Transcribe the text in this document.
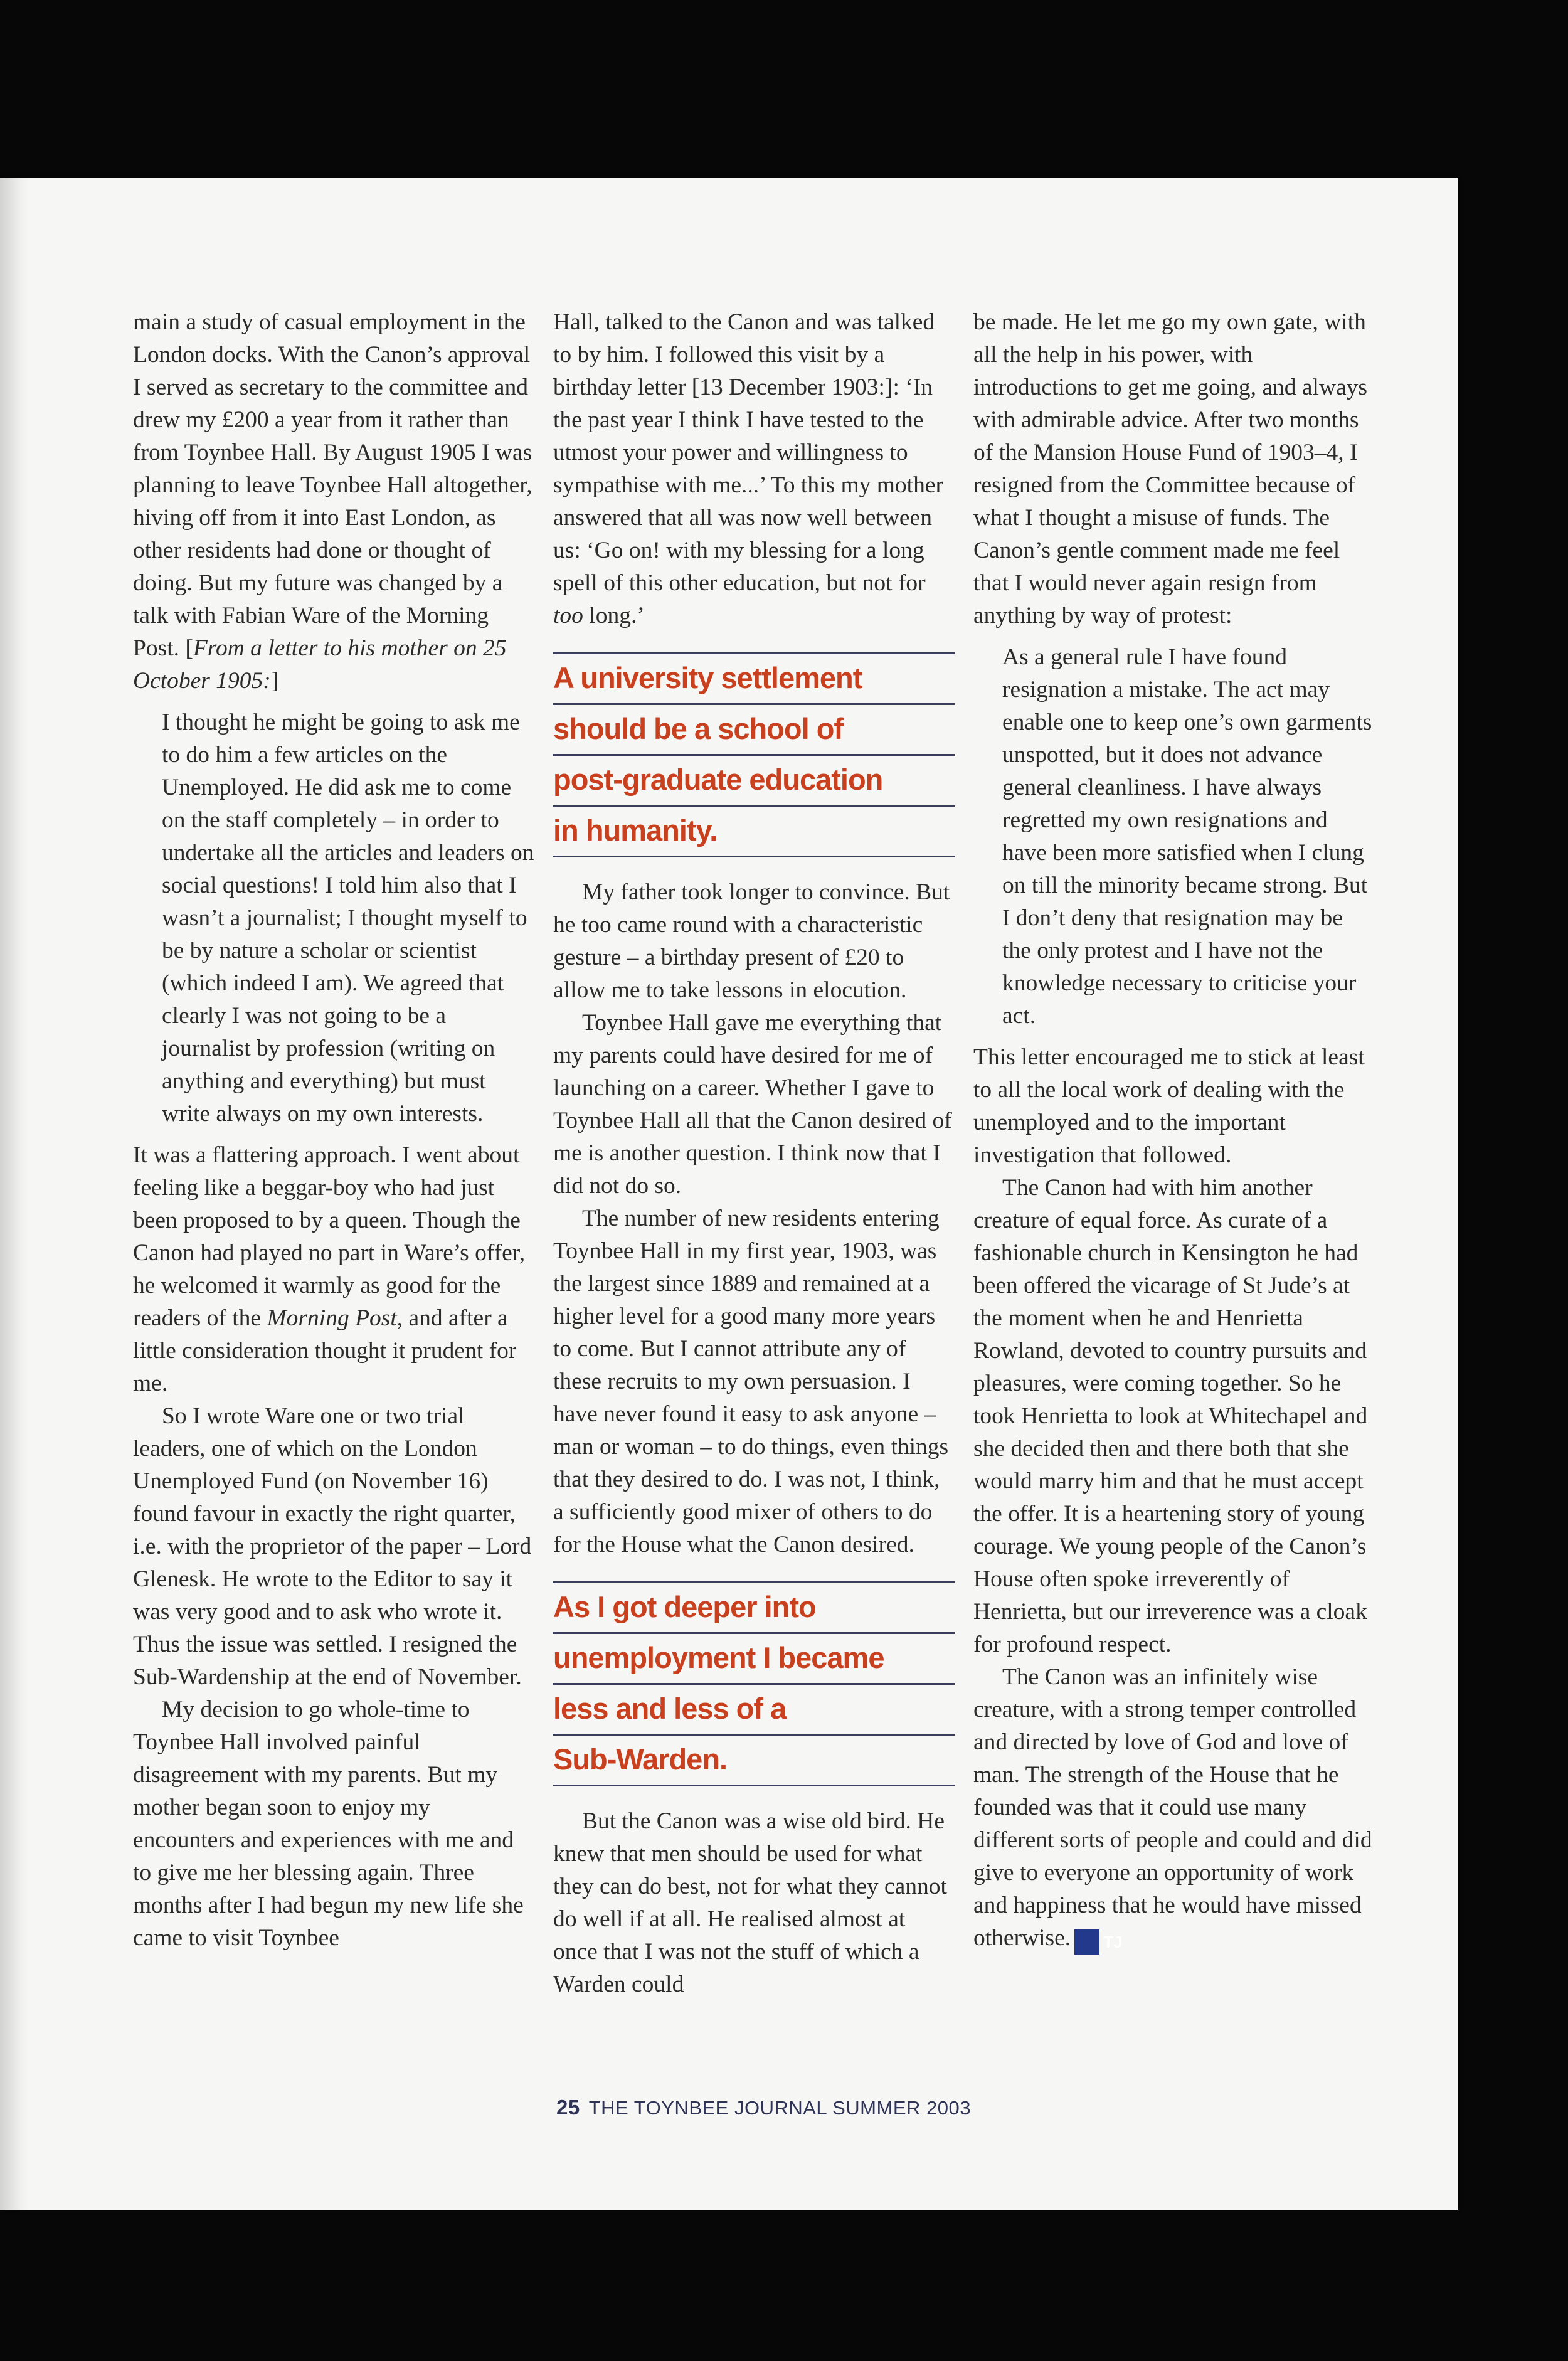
main a study of casual employment in the London docks. With the Canon’s approval I served as secretary to the committee and drew my £200 a year from it rather than from Toynbee Hall. By August 1905 I was planning to leave Toynbee Hall altogether, hiving off from it into East London, as other residents had done or thought of doing. But my future was changed by a talk with Fabian Ware of the Morning Post. [From a letter to his mother on 25 October 1905:]

I thought he might be going to ask me to do him a few articles on the Unemployed. He did ask me to come on the staff completely – in order to undertake all the articles and leaders on social questions! I told him also that I wasn’t a journalist; I thought myself to be by nature a scholar or scientist (which indeed I am). We agreed that clearly I was not going to be a journalist by profession (writing on anything and everything) but must write always on my own interests.

It was a flattering approach. I went about feeling like a beggar-boy who had just been proposed to by a queen. Though the Canon had played no part in Ware’s offer, he welcomed it warmly as good for the readers of the Morning Post, and after a little consideration thought it prudent for me.

So I wrote Ware one or two trial leaders, one of which on the London Unemployed Fund (on November 16) found favour in exactly the right quarter, i.e. with the proprietor of the paper – Lord Glenesk. He wrote to the Editor to say it was very good and to ask who wrote it. Thus the issue was settled. I resigned the Sub-Wardenship at the end of November.

My decision to go whole-time to Toynbee Hall involved painful disagreement with my parents. But my mother began soon to enjoy my encounters and experiences with me and to give me her blessing again. Three months after I had begun my new life she came to visit Toynbee

Hall, talked to the Canon and was talked to by him. I followed this visit by a birthday letter [13 December 1903:]: ‘In the past year I think I have tested to the utmost your power and willingness to sympathise with me...’ To this my mother answered that all was now well between us: ‘Go on! with my blessing for a long spell of this other education, but not for too long.’

A university settlement
should be a school of
post-graduate education
in humanity.

My father took longer to convince. But he too came round with a characteristic gesture – a birthday present of £20 to allow me to take lessons in elocution.

Toynbee Hall gave me everything that my parents could have desired for me of launching on a career. Whether I gave to Toynbee Hall all that the Canon desired of me is another question. I think now that I did not do so.

The number of new residents entering Toynbee Hall in my first year, 1903, was the largest since 1889 and remained at a higher level for a good many more years to come. But I cannot attribute any of these recruits to my own persuasion. I have never found it easy to ask anyone – man or woman – to do things, even things that they desired to do. I was not, I think, a sufficiently good mixer of others to do for the House what the Canon desired.

As I got deeper into
unemployment I became
less and less of a
Sub-Warden.

But the Canon was a wise old bird. He knew that men should be used for what they can do best, not for what they cannot do well if at all. He realised almost at once that I was not the stuff of which a Warden could

be made. He let me go my own gate, with all the help in his power, with introductions to get me going, and always with admirable advice. After two months of the Mansion House Fund of 1903–4, I resigned from the Committee because of what I thought a misuse of funds. The Canon’s gentle comment made me feel that I would never again resign from anything by way of protest:

As a general rule I have found resignation a mistake. The act may enable one to keep one’s own garments unspotted, but it does not advance general cleanliness. I have always regretted my own resignations and have been more satisfied when I clung on till the minority became strong. But I don’t deny that resignation may be the only protest and I have not the knowledge necessary to criticise your act.

This letter encouraged me to stick at least to all the local work of dealing with the unemployed and to the important investigation that followed.

The Canon had with him another creature of equal force. As curate of a fashionable church in Kensington he had been offered the vicarage of St Jude’s at the moment when he and Henrietta Rowland, devoted to country pursuits and pleasures, were coming together. So he took Henrietta to look at Whitechapel and she decided then and there both that she would marry him and that he must accept the offer. It is a heartening story of young courage. We young people of the Canon’s House often spoke irreverently of Henrietta, but our irreverence was a cloak for profound respect.

The Canon was an infinitely wise creature, with a strong temper controlled and directed by love of God and love of man. The strength of the House that he founded was that it could use many different sorts of people and could and did give to everyone an opportunity of work and happiness that he would have missed otherwise. TJ

25 THE TOYNBEE JOURNAL SUMMER 2003
